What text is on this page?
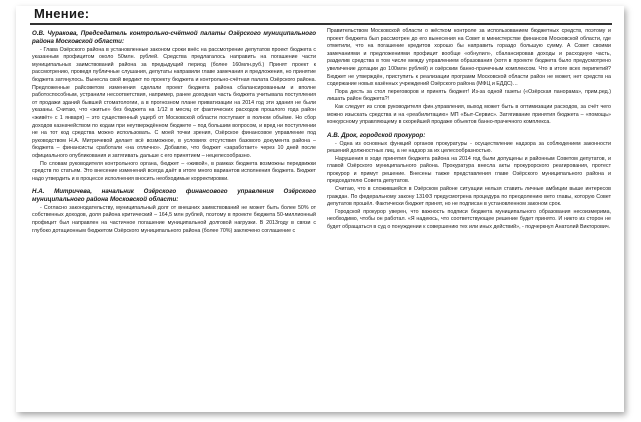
Мнение:

О.В. Чуракова, Председатель контрольно-счётной палаты Озёрского муниципального района Московской области:

- Глава Озёрского района в установленные законом сроки внёс на рассмотрение депутатов проект бюджета с указанным профицитом около 50млн. рублей. Средства предлагалось направить на погашение части муниципальных заимствований района за предыдущий период (более 160млн.руб.) Принят проект к рассмотрению, проведя публичные слушания, депутаты направили главе замечания и предложения, но принятие бюджета затянулось. Вынесла свой вердикт по проекту бюджета и контрольно-счётная палата Озёрского района. Предложенные райсоветом изменения сделали проект бюджета района сбалансированным и вполне работоспособным, устранили несоответствия, например, ранее доходная часть бюджета учитывала поступления от продажи зданий бывшей стоматологии, а в прогнозном плане приватизации на 2014 год эти здания не были указаны. Считаю, что «житье» без бюджета на 1/12 в месяц от фактических расходов прошлого года район «живёт» с 1 января) – это существенный ущерб от Московской области поступают в полном объёме. Но сбор доходов казначейством по кодам при неутверждённом бюджете – под большим вопросом, и вред ни поступлении не на тот код средства можно использовать. С моей точки зрения, Озёрское финансовое управление под руководством Н.А. Митричевой делает всё возможное, в условиях отсутствия базового документа района – бюджета – финансисты сработали «на отлично». Добавлю, что бюджет «заработает» через 10 дней после официального опубликования и затягивать дальше с его принятием – нецелесообразно.

По словам руководителя контрольного органа, бюджет – «живой», в рамках бюджета возможны передвижки средств по статьям. Это внесение изменений всегда даёт в итоге много вариантов исполнения бюджета. Бюджет надо утвердить и в процессе исполнения вносить необходимые корректировки.

Н.А. Митричева, начальник Озёрского финансового управления Озёрского муниципального района Московской области:

- Согласно законодательству, муниципальный долг от внешних заимствований не может быть более 50% от собственных доходов, доля района критический – 164,5 млн рублей, поэтому в проекте бюджета 50-миллионный профицит был направлен на частичное погашение муниципальной долговой нагрузки. В 2013году в связи с глубоко дотационным бюджетом Озёрского муниципального района (более 70%) заключено соглашение с

Правительством Московской области о жёстком контроле за использованием бюджетных средств, поэтому и проект бюджета был рассмотрен до его вынесения на Совет в министерстве финансов Московской области, где отметили, что на погашение кредитов хорошо бы направить гораздо большую сумму. А Совет своими замечаниями и предложениями профицит вообще «обнулил», сбалансировав доходы и расходную часть, разделив средства в том числе между управлением образования (хотя в проекте бюджета было предусмотрено увеличение дотации до 100млн рублей) и озёрским банно-прачечным комплексом. Что в итоге всех перипетий? Бюджет не утверждён, приступить к реализации программ Московской области район не может, нет средств на содержание новых казённых учреждений Озёрского района (МФЦ и ЕДДС)…

Пора десть за стол переговоров и принять бюджет! Из-за одной газеты («Озёрская панорама», прим.ред.) лишать район бюджета?!

Как следует из слов руководителя фин.управления, выход может быть в оптимизации расходов, за счёт чего можно изыскать средства и на «реабилитацию» МП «Быт-Сервис». Затягивание принятия бюджета – «помощь» конкурсному управляющему в скорейшей продаже объектов банно-прачечного комплекса.

А.В. Дрок, городской прокурор:

- Одна из основных функций органов прокуратуры - осуществление надзора за соблюдением законности решений должностных лиц, а не надзор за их целесообразностью.

Нарушения в ходе принятия бюджета района на 2014 год были допущены и районным Советом депутатов, и главой Озёрского муниципального района. Прокуратура внесла акты прокурорского реагирования, протест прокурор и примут решение. Внесены также представления главе Озёрского муниципального района и председателю Совета депутатов.

Считаю, что в сложившейся в Озёрском районе ситуации нельзя ставить личные амбиции выше интересов граждан. По федеральному закону 131ФЗ предусмотрена процедура по преодолению вето главы, которую Совет депутатов прошёл. Фактически бюджет принят, но не подписан в установленном законом срок.

Городской прокурор уверен, что важность подписи бюджета муниципального образования несоизмерима, необходимо, чтобы он работал. «Я надеюсь, что соответствующее решение будет принято. И никто из сторон не будет обращаться в суд о понуждении к совершению тех или иных действий», - подчеркнул Анатолий Викторович.
